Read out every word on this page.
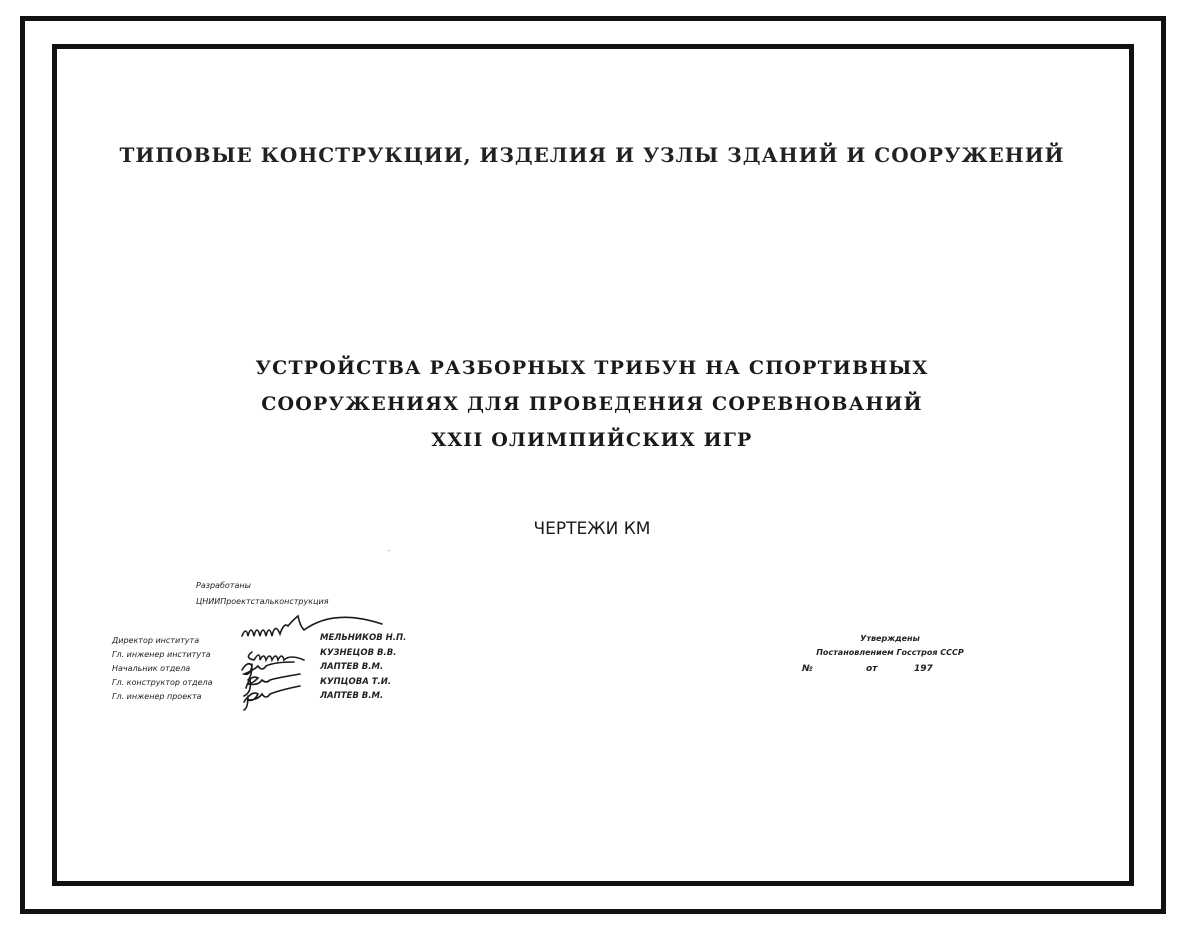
ТИПОВЫЕ КОНСТРУКЦИИ, ИЗДЕЛИЯ И УЗЛЫ ЗДАНИЙ И СООРУЖЕНИЙ
УСТРОЙСТВА РАЗБОРНЫХ ТРИБУН НА СПОРТИВНЫХ
СООРУЖЕНИЯХ ДЛЯ ПРОВЕДЕНИЯ СОРЕВНОВАНИЙ
XXII ОЛИМПИЙСКИХ ИГР
ЧЕРТЕЖИ КМ
Разработаны
ЦНИИПроектстальконструкция
Директор института
Гл. инженер института
Начальник отдела
Гл. конструктор отдела
Гл. инженер проекта
МЕЛЬНИКОВ Н.П.
КУЗНЕЦОВ В.В.
ЛАПТЕВ В.М.
КУПЦОВА Т.И.
ЛАПТЕВ В.М.
Утверждены
Постановлением Госстроя СССР
№	от	197
